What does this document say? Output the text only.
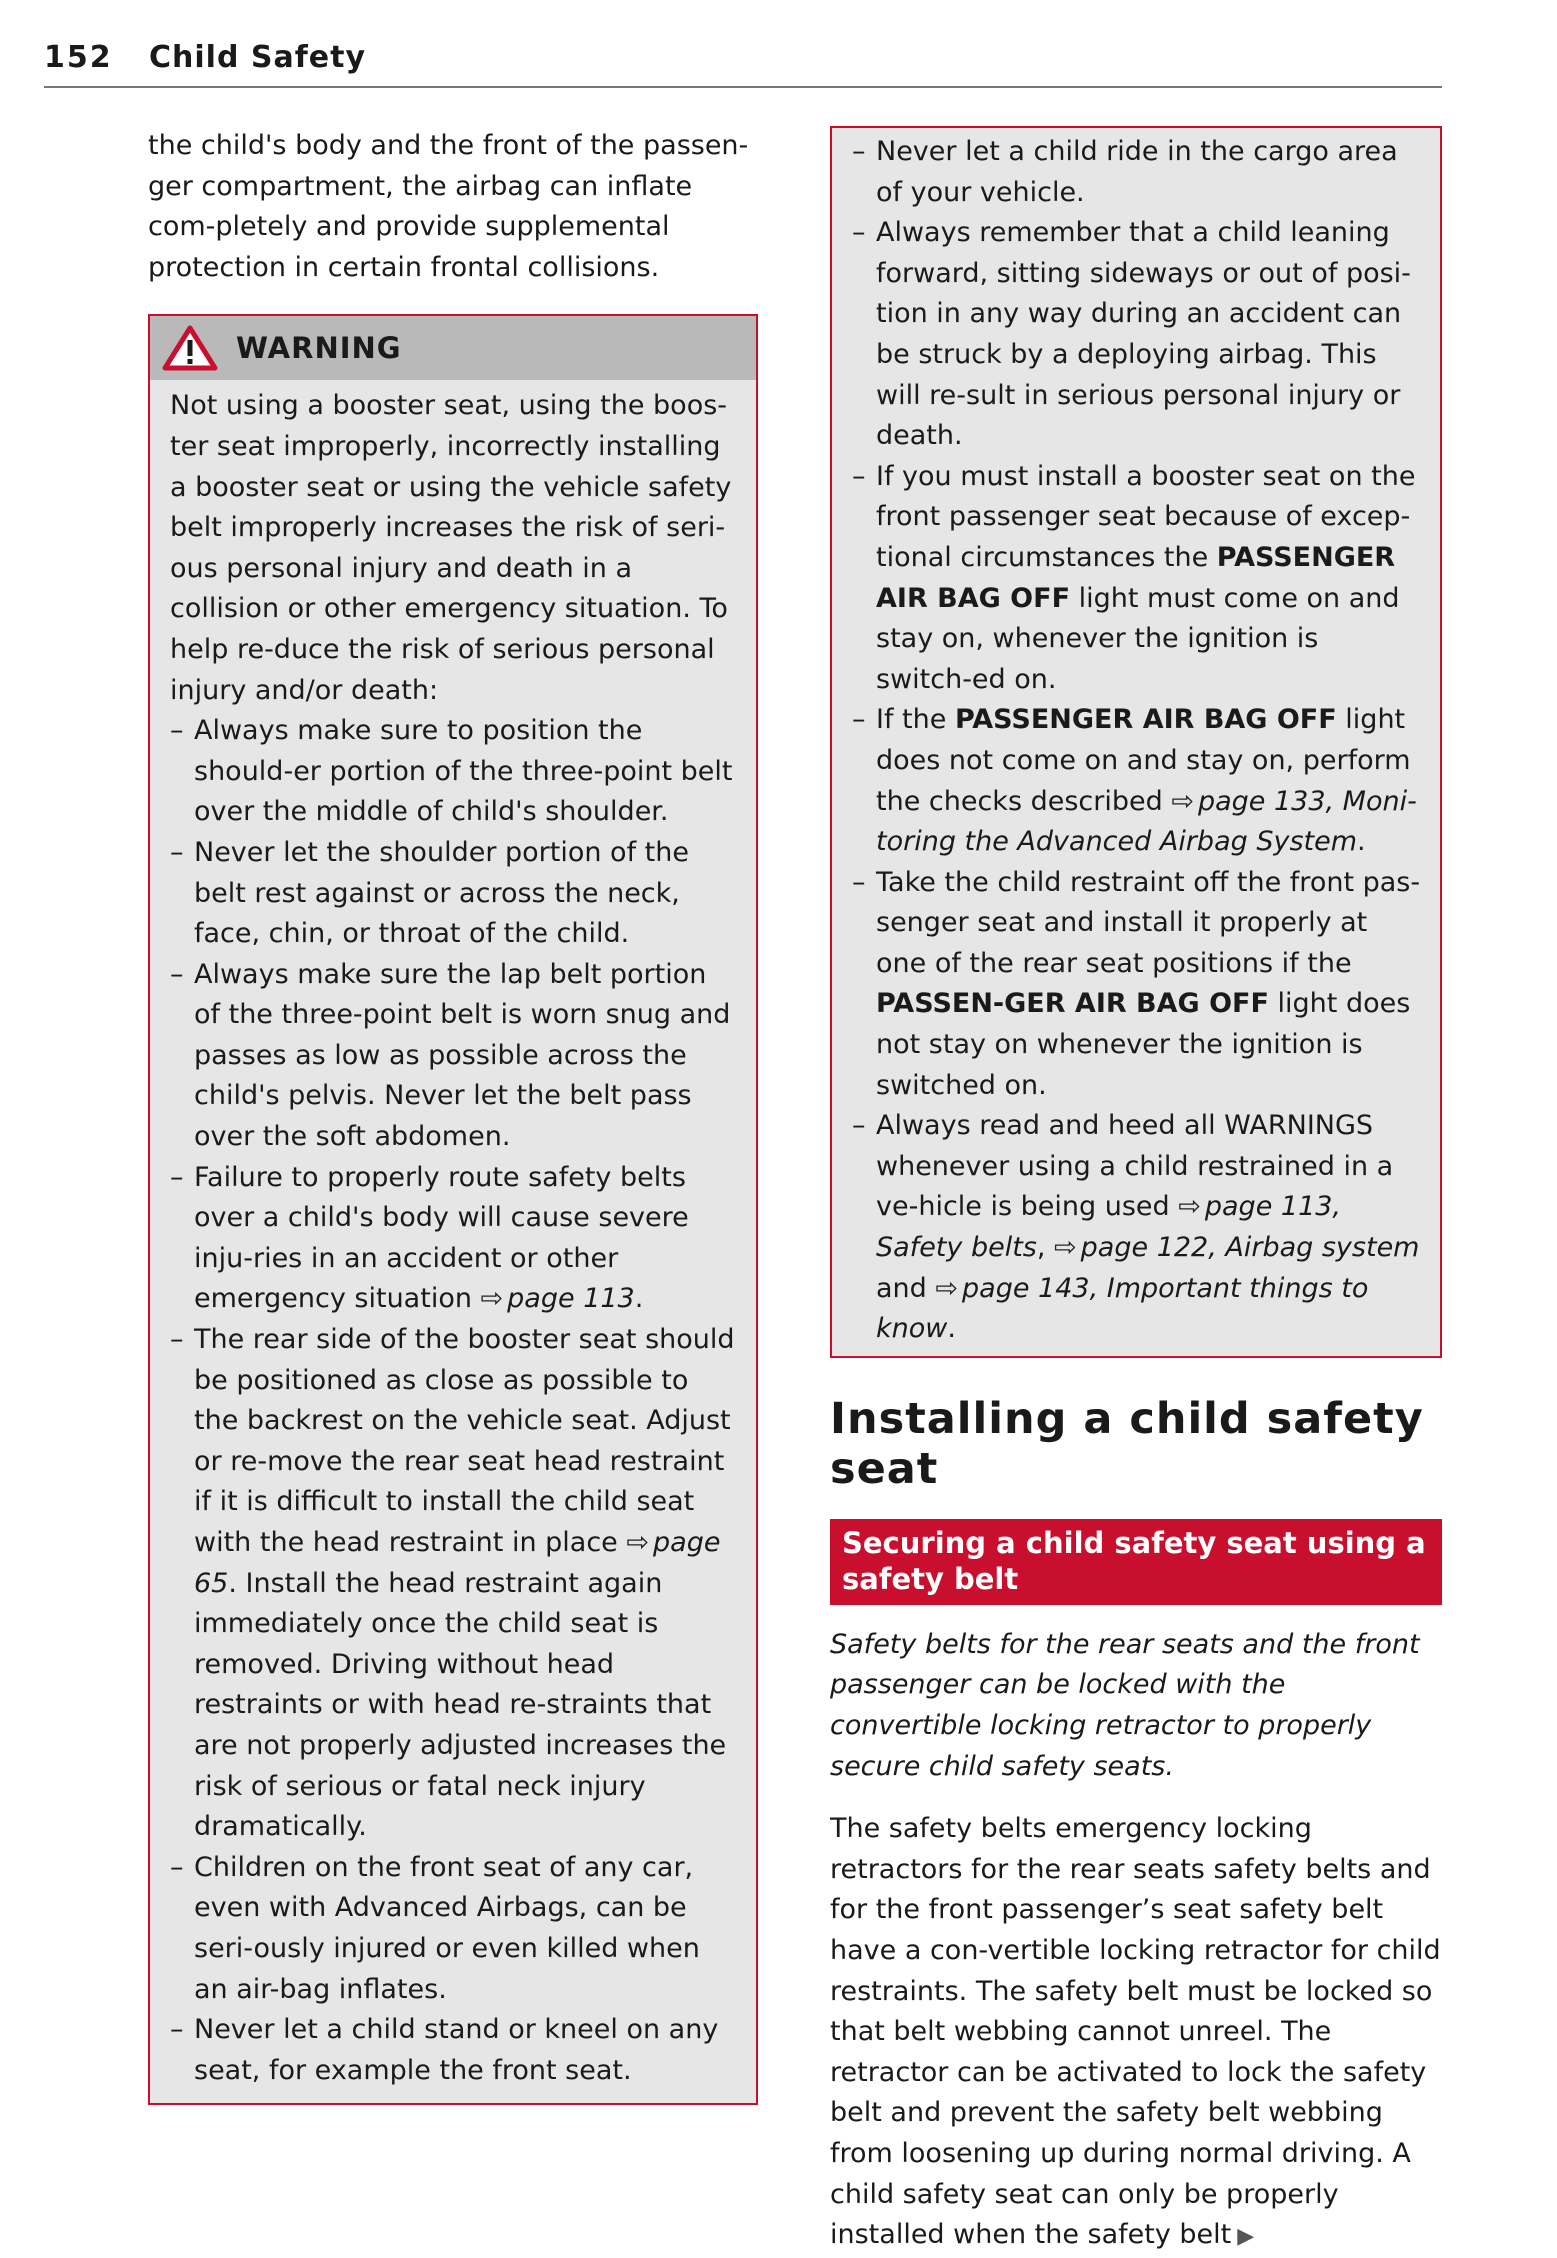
152 Child Safety

the child's body and the front of the passen-ger compartment, the airbag can inflate com-pletely and provide supplemental protection in certain frontal collisions.

WARNING

Not using a booster seat, using the boos-ter seat improperly, incorrectly installing a booster seat or using the vehicle safety belt improperly increases the risk of seri-ous personal injury and death in a collision or other emergency situation. To help re-duce the risk of serious personal injury and/or death:

– Always make sure to position the should-er portion of the three-point belt over the middle of child's shoulder.
– Never let the shoulder portion of the belt rest against or across the neck, face, chin, or throat of the child.
– Always make sure the lap belt portion of the three-point belt is worn snug and passes as low as possible across the child's pelvis. Never let the belt pass over the soft abdomen.
– Failure to properly route safety belts over a child's body will cause severe inju-ries in an accident or other emergency situation ⇨ page 113.
– The rear side of the booster seat should be positioned as close as possible to the backrest on the vehicle seat. Adjust or re-move the rear seat head restraint if it is difficult to install the child seat with the head restraint in place ⇨ page 65. Install the head restraint again immediately once the child seat is removed. Driving without head restraints or with head re-straints that are not properly adjusted increases the risk of serious or fatal neck injury dramatically.
– Children on the front seat of any car, even with Advanced Airbags, can be seri-ously injured or even killed when an air-bag inflates.
– Never let a child stand or kneel on any seat, for example the front seat.
– Never let a child ride in the cargo area of your vehicle.
– Always remember that a child leaning forward, sitting sideways or out of posi-tion in any way during an accident can be struck by a deploying airbag. This will re-sult in serious personal injury or death.
– If you must install a booster seat on the front passenger seat because of excep-tional circumstances the PASSENGER AIR BAG OFF light must come on and stay on, whenever the ignition is switch-ed on.
– If the PASSENGER AIR BAG OFF light does not come on and stay on, perform the checks described ⇨ page 133, Moni-toring the Advanced Airbag System.
– Take the child restraint off the front pas-senger seat and install it properly at one of the rear seat positions if the PASSEN-GER AIR BAG OFF light does not stay on whenever the ignition is switched on.
– Always read and heed all WARNINGS whenever using a child restrained in a ve-hicle is being used ⇨ page 113, Safety belts, ⇨ page 122, Airbag system and ⇨ page 143, Important things to know.
Installing a child safety seat
Securing a child safety seat using a safety belt

Safety belts for the rear seats and the front passenger can be locked with the convertible locking retractor to properly secure child safety seats.

The safety belts emergency locking retractors for the rear seats safety belts and for the front passenger’s seat safety belt have a con-vertible locking retractor for child restraints. The safety belt must be locked so that belt webbing cannot unreel. The retractor can be activated to lock the safety belt and prevent the safety belt webbing from loosening up during normal driving. A child safety seat can only be properly installed when the safety belt ▶
